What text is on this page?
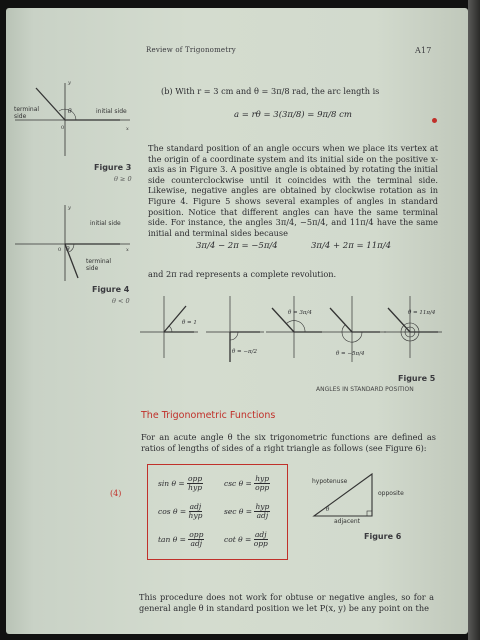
Review of Trigonometry	A17
(b) With r = 3 cm and θ = 3π/8 rad, the arc length is
a = rθ = 3(3π/8) = 9π/8 cm
The standard position of an angle occurs when we place its vertex at the origin of a coordinate system and its initial side on the positive x-axis as in Figure 3. A positive angle is obtained by rotating the initial side counterclockwise until it coincides with the terminal side. Likewise, negative angles are obtained by clockwise rotation as in Figure 4. Figure 5 shows several examples of angles in standard position. Notice that different angles can have the same terminal side. For instance, the angles 3π/4, −5π/4, and 11π/4 have the same initial and terminal sides because
3π/4 − 2π = −5π/4	3π/4 + 2π = 11π/4
and 2π rad represents a complete revolution.
y
x
0
terminal side
initial side
θ
Figure 3
θ ≥ 0
y
x
0
initial side
terminal side
θ
Figure 4
θ < 0
θ = 1
θ = −π/2
θ = 3π/4
θ = −5π/4
θ = 11π/4
Figure 5
ANGLES IN STANDARD POSITION
The Trigonometric Functions
For an acute angle θ the six trigonometric functions are defined as ratios of lengths of sides of a right triangle as follows (see Figure 6):
(4)
$\sin \theta = \frac{\text{opp}}{\text{hyp}}$	$\csc \theta = \frac{\text{hyp}}{\text{opp}}$
$\cos \theta = \frac{\text{adj}}{\text{hyp}}$	$\sec \theta = \frac{\text{hyp}}{\text{adj}}$
$\tan \theta = \frac{\text{opp}}{\text{adj}}$	$\cot \theta = \frac{\text{adj}}{\text{opp}}$
hypotenuse
opposite
adjacent
θ
Figure 6
This procedure does not work for obtuse or negative angles, so for a general angle θ in standard position we let P(x, y) be any point on the
